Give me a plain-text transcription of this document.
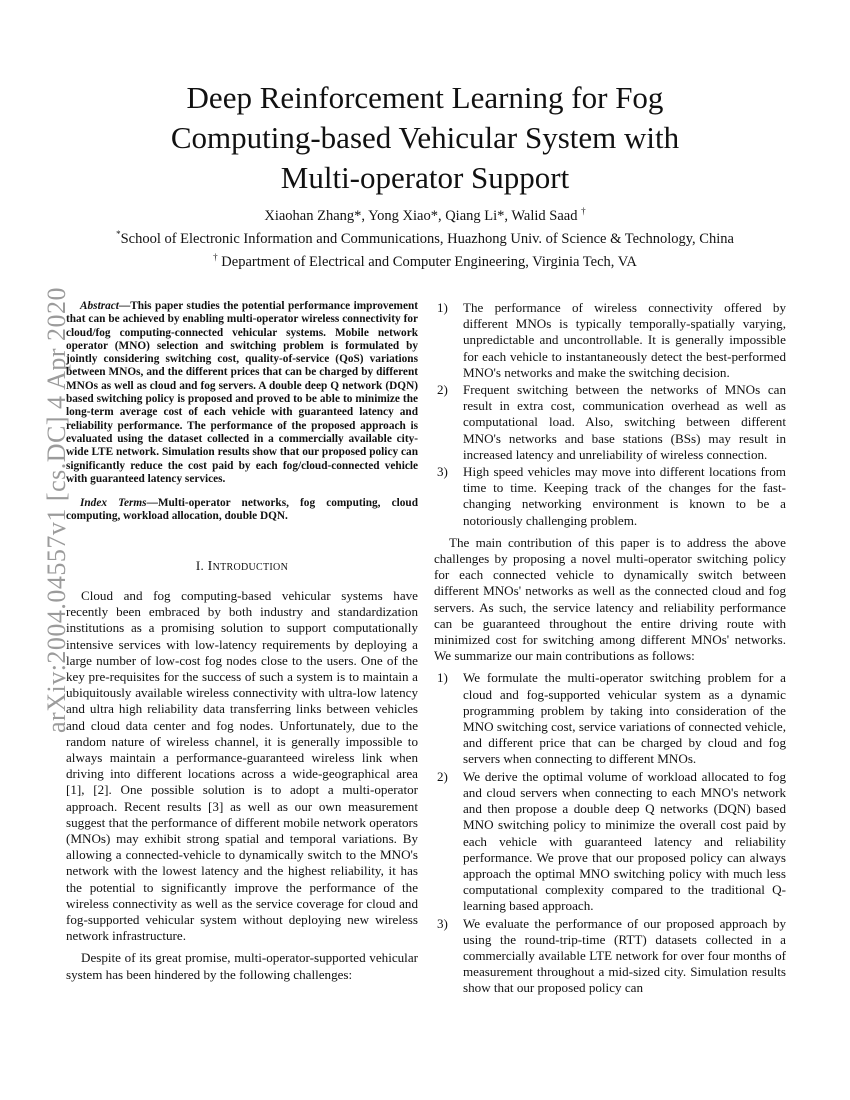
arXiv:2004.04557v1 [cs.DC] 4 Apr 2020
Deep Reinforcement Learning for Fog
Computing-based Vehicular System with
Multi-operator Support
Xiaohan Zhang*, Yong Xiao*, Qiang Li*, Walid Saad †
*School of Electronic Information and Communications, Huazhong Univ. of Science & Technology, China
† Department of Electrical and Computer Engineering, Virginia Tech, VA

Abstract—This paper studies the potential performance improvement that can be achieved by enabling multi-operator wireless connectivity for cloud/fog computing-connected vehicular systems. Mobile network operator (MNO) selection and switching problem is formulated by jointly considering switching cost, quality-of-service (QoS) variations between MNOs, and the different prices that can be charged by different MNOs as well as cloud and fog servers. A double deep Q network (DQN) based switching policy is proposed and proved to be able to minimize the long-term average cost of each vehicle with guaranteed latency and reliability performance. The performance of the proposed approach is evaluated using the dataset collected in a commercially available city-wide LTE network. Simulation results show that our proposed policy can significantly reduce the cost paid by each fog/cloud-connected vehicle with guaranteed latency services.

Index Terms—Multi-operator networks, fog computing, cloud computing, workload allocation, double DQN.

I. Introduction

Cloud and fog computing-based vehicular systems have recently been embraced by both industry and standardization institutions as a promising solution to support computationally intensive services with low-latency requirements by deploying a large number of low-cost fog nodes close to the users. One of the key pre-requisites for the success of such a system is to maintain a ubiquitously available wireless connectivity with ultra-low latency and ultra high reliability data transferring links between vehicles and cloud data center and fog nodes. Unfortunately, due to the random nature of wireless channel, it is generally impossible to always maintain a performance-guaranteed wireless link when driving into different locations across a wide-geographical area [1], [2]. One possible solution is to adopt a multi-operator approach. Recent results [3] as well as our own measurement suggest that the performance of different mobile network operators (MNOs) may exhibit strong spatial and temporal variations. By allowing a connected-vehicle to dynamically switch to the MNO's network with the lowest latency and the highest reliability, it has the potential to significantly improve the performance of the wireless connectivity as well as the service coverage for cloud and fog-supported vehicular system without deploying new wireless network infrastructure.

Despite of its great promise, multi-operator-supported vehicular system has been hindered by the following challenges:

1) The performance of wireless connectivity offered by different MNOs is typically temporally-spatially varying, unpredictable and uncontrollable. It is generally impossible for each vehicle to instantaneously detect the best-performed MNO's networks and make the switching decision.
2) Frequent switching between the networks of MNOs can result in extra cost, communication overhead as well as computational load. Also, switching between different MNO's networks and base stations (BSs) may result in increased latency and unreliability of wireless connection.
3) High speed vehicles may move into different locations from time to time. Keeping track of the changes for the fast-changing networking environment is known to be a notoriously challenging problem.

The main contribution of this paper is to address the above challenges by proposing a novel multi-operator switching policy for each connected vehicle to dynamically switch between different MNOs' networks as well as the connected cloud and fog servers. As such, the service latency and reliability performance can be guaranteed throughout the entire driving route with minimized cost for switching among different MNOs' networks. We summarize our main contributions as follows:

1) We formulate the multi-operator switching problem for a cloud and fog-supported vehicular system as a dynamic programming problem by taking into consideration of the MNO switching cost, service variations of connected vehicle, and different price that can be charged by cloud and fog servers when connecting to different MNOs.
2) We derive the optimal volume of workload allocated to fog and cloud servers when connecting to each MNO's network and then propose a double deep Q networks (DQN) based MNO switching policy to minimize the overall cost paid by each vehicle with guaranteed latency and reliability performance. We prove that our proposed policy can always approach the optimal MNO switching policy with much less computational complexity compared to the traditional Q-learning based approach.
3) We evaluate the performance of our proposed approach by using the round-trip-time (RTT) datasets collected in a commercially available LTE network for over four months of measurement throughout a mid-sized city. Simulation results show that our proposed policy can
